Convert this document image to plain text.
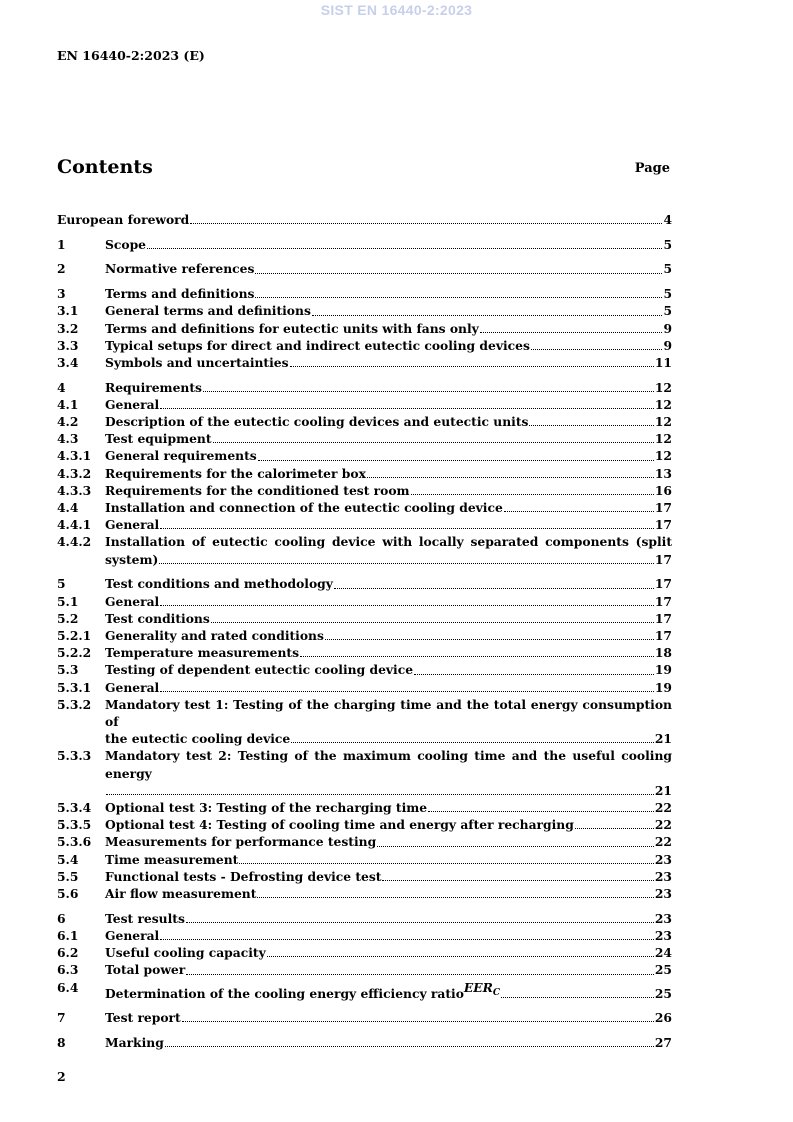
SIST EN 16440-2:2023
EN 16440-2:2023 (E)
Contents	Page
European foreword	4
1	Scope	5
2	Normative references	5
3	Terms and definitions	5
3.1 General terms and definitions	5
3.2 Terms and definitions for eutectic units with fans only	9
3.3 Typical setups for direct and indirect eutectic cooling devices	9
3.4 Symbols and uncertainties	11
4	Requirements	12
4.1 General	12
4.2 Description of the eutectic cooling devices and eutectic units	12
4.3 Test equipment	12
4.3.1 General requirements	12
4.3.2 Requirements for the calorimeter box	13
4.3.3 Requirements for the conditioned test room	16
4.4 Installation and connection of the eutectic cooling device	17
4.4.1 General	17
4.4.2 Installation of eutectic cooling device with locally separated components (split
system)	17
5	Test conditions and methodology	17
5.1 General	17
5.2 Test conditions	17
5.2.1 Generality and rated conditions	17
5.2.2 Temperature measurements	18
5.3 Testing of dependent eutectic cooling device	19
5.3.1 General	19
5.3.2 Mandatory test 1: Testing of the charging time and the total energy consumption of
the eutectic cooling device	21
5.3.3 Mandatory test 2: Testing of the maximum cooling time and the useful cooling energy
21
5.3.4 Optional test 3: Testing of the recharging time	22
5.3.5 Optional test 4: Testing of cooling time and energy after recharging	22
5.3.6 Measurements for performance testing	22
5.4 Time measurement	23
5.5 Functional tests - Defrosting device test	23
5.6 Air flow measurement	23
6	Test results	23
6.1 General	23
6.2 Useful cooling capacity	24
6.3 Total power	25
6.4 Determination of the cooling energy efficiency ratio $EER_C$	25
7	Test report	26
8	Marking	27
2
